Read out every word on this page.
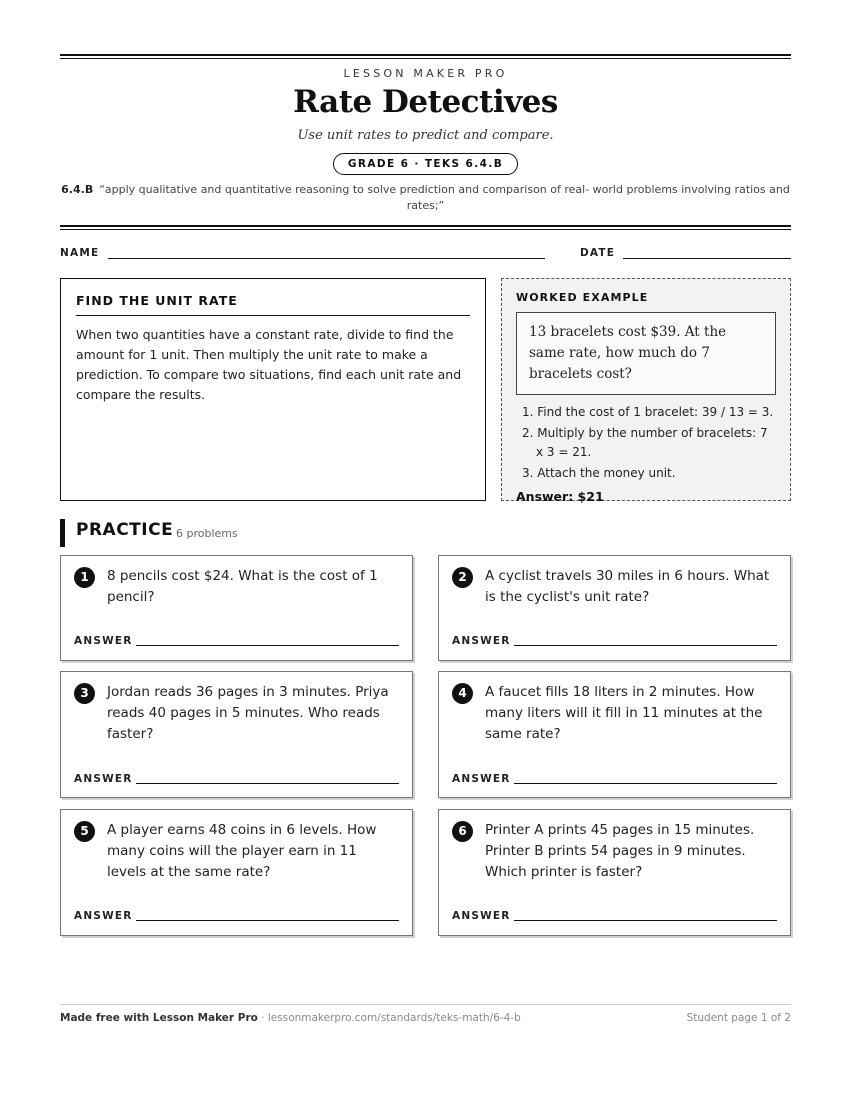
LESSON MAKER PRO
Rate Detectives
Use unit rates to predict and compare.
GRADE 6 · TEKS 6.4.B
6.4.B “apply qualitative and quantitative reasoning to solve prediction and comparison of real- world problems involving ratios and rates;”
NAME	DATE
FIND THE UNIT RATE
When two quantities have a constant rate, divide to find the amount for 1 unit. Then multiply the unit rate to make a prediction. To compare two situations, find each unit rate and compare the results.
WORKED EXAMPLE
13 bracelets cost $39. At the same rate, how much do 7 bracelets cost?
1. Find the cost of 1 bracelet: 39 / 13 = 3.
2. Multiply by the number of bracelets: 7 x 3 = 21.
3. Attach the money unit.
Answer: $21
PRACTICE 6 problems
1	8 pencils cost $24. What is the cost of 1 pencil?
ANSWER
2	A cyclist travels 30 miles in 6 hours. What is the cyclist's unit rate?
ANSWER
3	Jordan reads 36 pages in 3 minutes. Priya reads 40 pages in 5 minutes. Who reads faster?
ANSWER
4	A faucet fills 18 liters in 2 minutes. How many liters will it fill in 11 minutes at the same rate?
ANSWER
5	A player earns 48 coins in 6 levels. How many coins will the player earn in 11 levels at the same rate?
ANSWER
6	Printer A prints 45 pages in 15 minutes. Printer B prints 54 pages in 9 minutes. Which printer is faster?
ANSWER
Made free with Lesson Maker Pro · lessonmakerpro.com/standards/teks-math/6-4-b	Student page 1 of 2
